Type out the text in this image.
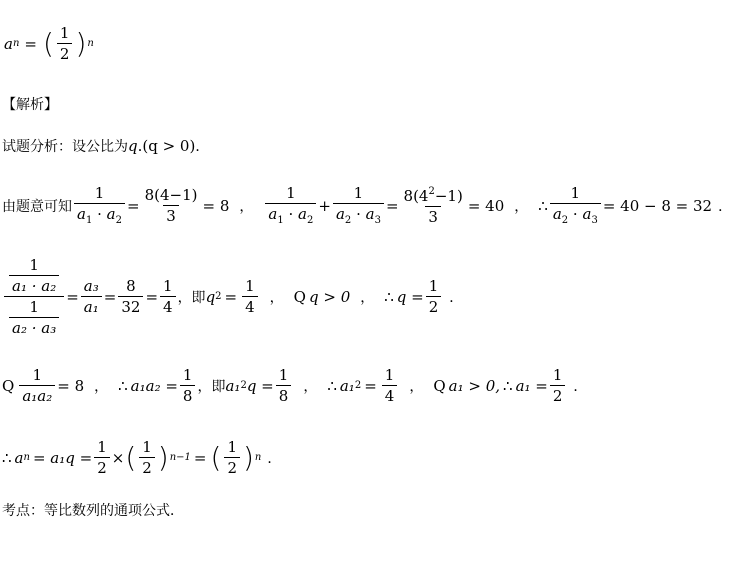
a n = ( $\frac{1}{2}$ ) n
【解析】
试题分析：设公比为 q .(q > 0) ．
由题意可知 $\frac{1}{a_1 \cdot a_2} = \frac{8(4-1)}{3} = 8$ ， $\frac{1}{a_1 \cdot a_2} + \frac{1}{a_2 \cdot a_3} = \frac{8(4^2-1)}{3} = 40$ ， ∴ $\frac{1}{a_2 \cdot a_3} = 40 - 8 = 32$ ．
$\frac{\frac{1}{\text{a₁ · a₂}}}{\frac{1}{\text{a₂ · a₃}}} = \frac{\text{a₃}}{\text{a₁}} = \frac{8}{32} = \frac{1}{4}$ ，即 q $2 = \frac{1}{4}$ ， Q q > 0 ， ∴ $q = \frac{1}{2}$ ．
Q $\frac{1}{\text{a₁a₂}} = 8$ ， ∴ $a_1a_2 = \frac{1}{8}$ ，即 a₁ 2 $q = \frac{1}{8}$ ， ∴ a₁ $2 = \frac{1}{4}$ ， Q a₁ > 0, ∴ $a_1 = \frac{1}{2}$ ．
∴ a $n = a_1q = \frac{1}{2}$ × ( $\frac{1}{2}$ ) n−1 = ( $\frac{1}{2}$ ) n ．
考点：等比数列的通项公式．
